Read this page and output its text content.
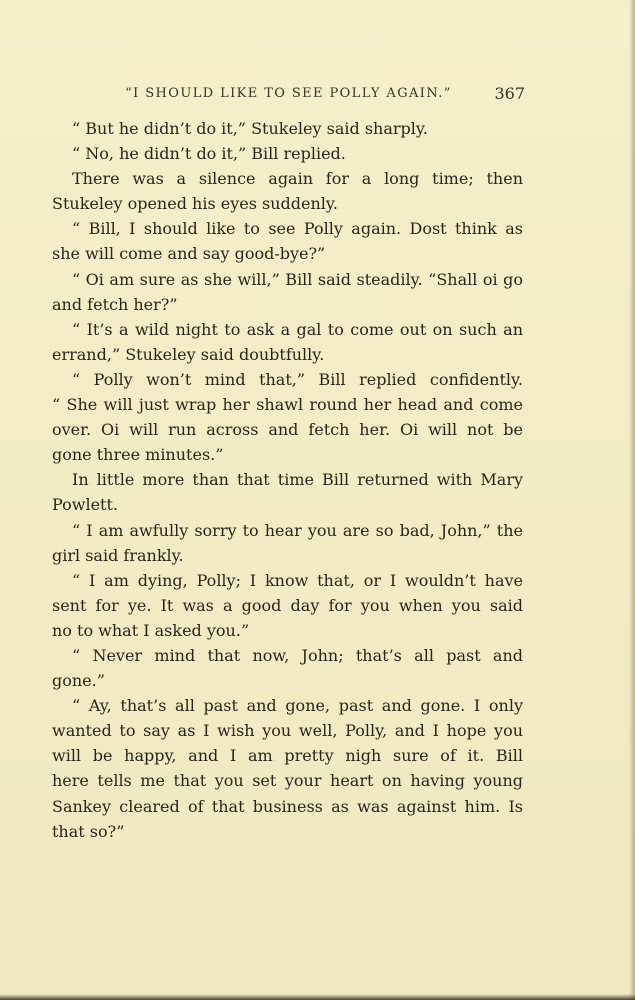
“I SHOULD LIKE TO SEE POLLY AGAIN.”	367
“ But he didn’t do it,” Stukeley said sharply.
“ No, he didn’t do it,” Bill replied.
There was a silence again for a long time; then
Stukeley opened his eyes suddenly.
“ Bill, I should like to see Polly again. Dost think as
she will come and say good-bye?”
“ Oi am sure as she will,” Bill said steadily. “Shall oi go
and fetch her?”
“ It’s a wild night to ask a gal to come out on such an
errand,” Stukeley said doubtfully.
“ Polly won’t mind that,” Bill replied confidently.
“ She will just wrap her shawl round her head and come
over. Oi will run across and fetch her. Oi will not be
gone three minutes.”
In little more than that time Bill returned with Mary
Powlett.
“ I am awfully sorry to hear you are so bad, John,” the
girl said frankly.
“ I am dying, Polly; I know that, or I wouldn’t have
sent for ye. It was a good day for you when you said
no to what I asked you.”
“ Never mind that now, John; that’s all past and
gone.”
“ Ay, that’s all past and gone, past and gone. I only
wanted to say as I wish you well, Polly, and I hope you
will be happy, and I am pretty nigh sure of it. Bill
here tells me that you set your heart on having young
Sankey cleared of that business as was against him. Is
that so?”
